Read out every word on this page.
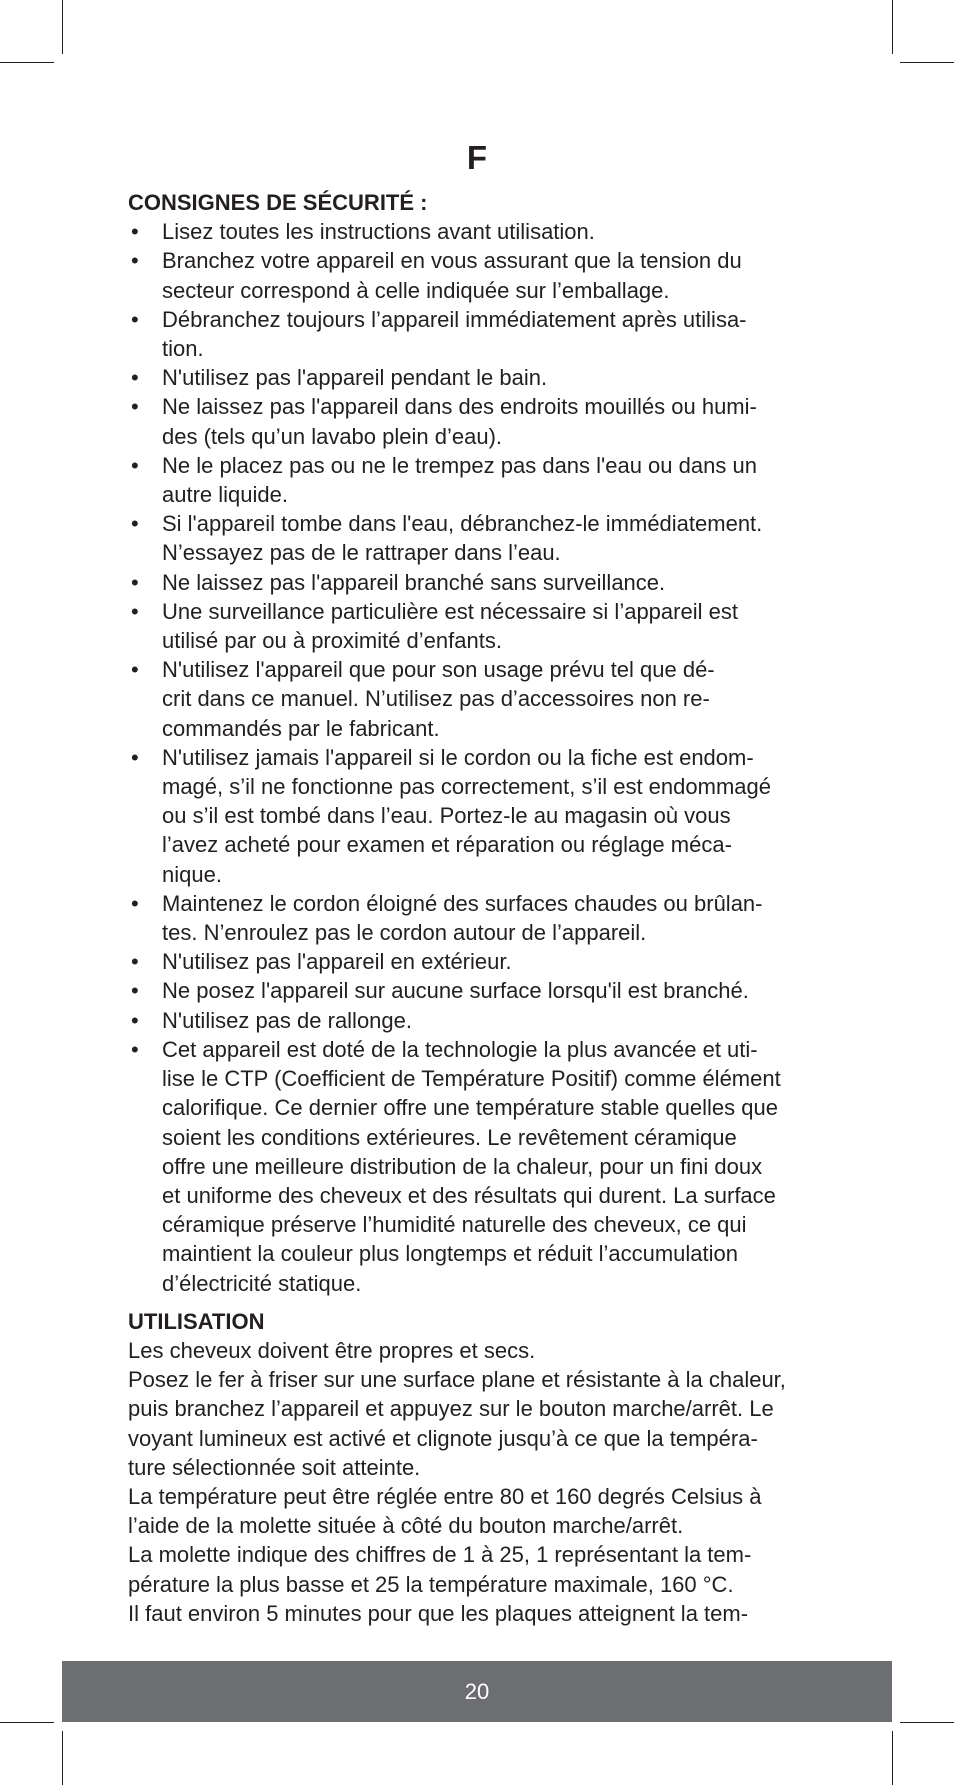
F
CONSIGNES DE SÉCURITÉ :
• Lisez toutes les instructions avant utilisation.
• Branchez votre appareil en vous assurant que la tension du
secteur correspond à celle indiquée sur l’emballage.
• Débranchez toujours l’appareil immédiatement après utilisa-
tion.
• N'utilisez pas l'appareil pendant le bain.
• Ne laissez pas l'appareil dans des endroits mouillés ou humi-
des (tels qu’un lavabo plein d’eau).
• Ne le placez pas ou ne le trempez pas dans l'eau ou dans un
autre liquide.
• Si l'appareil tombe dans l'eau, débranchez-le immédiatement.
N’essayez pas de le rattraper dans l’eau.
• Ne laissez pas l'appareil branché sans surveillance.
• Une surveillance particulière est nécessaire si l’appareil est
utilisé par ou à proximité d’enfants.
• N'utilisez l'appareil que pour son usage prévu tel que dé-
crit dans ce manuel. N’utilisez pas d’accessoires non re-
commandés par le fabricant.
• N'utilisez jamais l'appareil si le cordon ou la fiche est endom-
magé, s’il ne fonctionne pas correctement, s’il est endommagé
ou s’il est tombé dans l’eau. Portez-le au magasin où vous
l’avez acheté pour examen et réparation ou réglage méca-
nique.
• Maintenez le cordon éloigné des surfaces chaudes ou brûlan-
tes. N’enroulez pas le cordon autour de l’appareil.
• N'utilisez pas l'appareil en extérieur.
• Ne posez l'appareil sur aucune surface lorsqu'il est branché.
• N'utilisez pas de rallonge.
• Cet appareil est doté de la technologie la plus avancée et uti-
lise le CTP (Coefficient de Température Positif) comme élément
calorifique. Ce dernier offre une température stable quelles que
soient les conditions extérieures. Le revêtement céramique
offre une meilleure distribution de la chaleur, pour un fini doux
et uniforme des cheveux et des résultats qui durent. La surface
céramique préserve l’humidité naturelle des cheveux, ce qui
maintient la couleur plus longtemps et réduit l’accumulation
d’électricité statique.
UTILISATION
Les cheveux doivent être propres et secs.
Posez le fer à friser sur une surface plane et résistante à la chaleur,
puis branchez l’appareil et appuyez sur le bouton marche/arrêt. Le
voyant lumineux est activé et clignote jusqu’à ce que la tempéra-
ture sélectionnée soit atteinte.
La température peut être réglée entre 80 et 160 degrés Celsius à
l’aide de la molette située à côté du bouton marche/arrêt.
La molette indique des chiffres de 1 à 25, 1 représentant la tem-
pérature la plus basse et 25 la température maximale, 160 °C.
Il faut environ 5 minutes pour que les plaques atteignent la tem-
20
